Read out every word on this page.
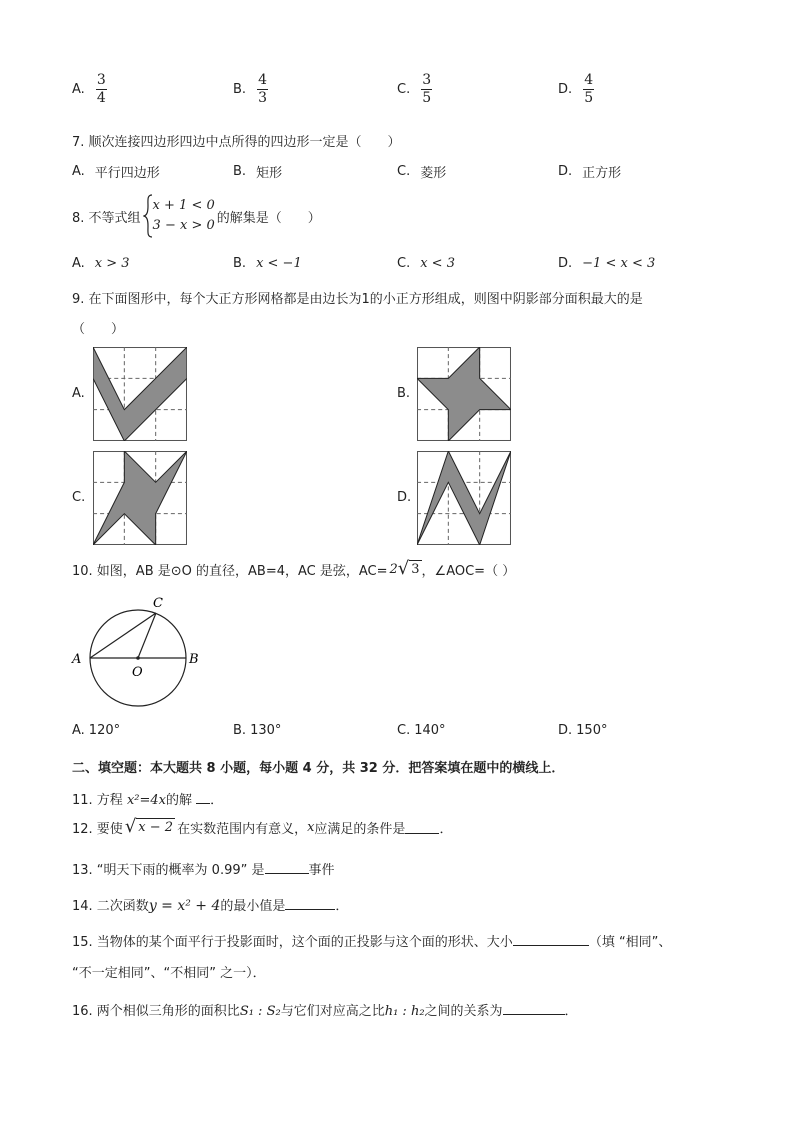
A. $\frac{3}{4}$	B. $\frac{4}{3}$	C. $\frac{3}{5}$	D. $\frac{4}{5}$
7. 顺次连接四边形四边中点所得的四边形一定是（　　）
A. 平行四边形	B. 矩形	C. 菱形	D. 正方形
8. 不等式组
x + 1 < 0
3 − x > 0 的解集是（　　）
A. x > 3	B. x < −1	C. x < 3	D. −1 < x < 3
9. 在下面图形中，每个大正方形网格都是由边长为1的小正方形组成，则图中阴影部分面积最大的是
（　　）
A.	B.
C.	D.
10. 如图，AB 是⊙O 的直径，AB=4，AC 是弦，AC= 2 √ 3 ，∠AOC=（ ）
C
A	B
O
A. 120°	B. 130°	C. 140°	D. 150°
二、填空题：本大题共 8 小题，每小题 4 分，共 32 分．把答案填在题中的横线上．
11. 方程 x²=4x的解 ．
12. 要使 √ x − 2 在实数范围内有意义， x 应满足的条件是	．
13. “明天下雨的概率为 0.99” 是	事件
14. 二次函数y = x² + 4的最小值是	．
15. 当物体的某个面平行于投影面时，这个面的正投影与这个面的形状、大小	（填 “相同”、
“不一定相同”、“不相同” 之一）．
16. 两个相似三角形的面积比S₁ : S₂与它们对应高之比h₁ : h₂之间的关系为	．
